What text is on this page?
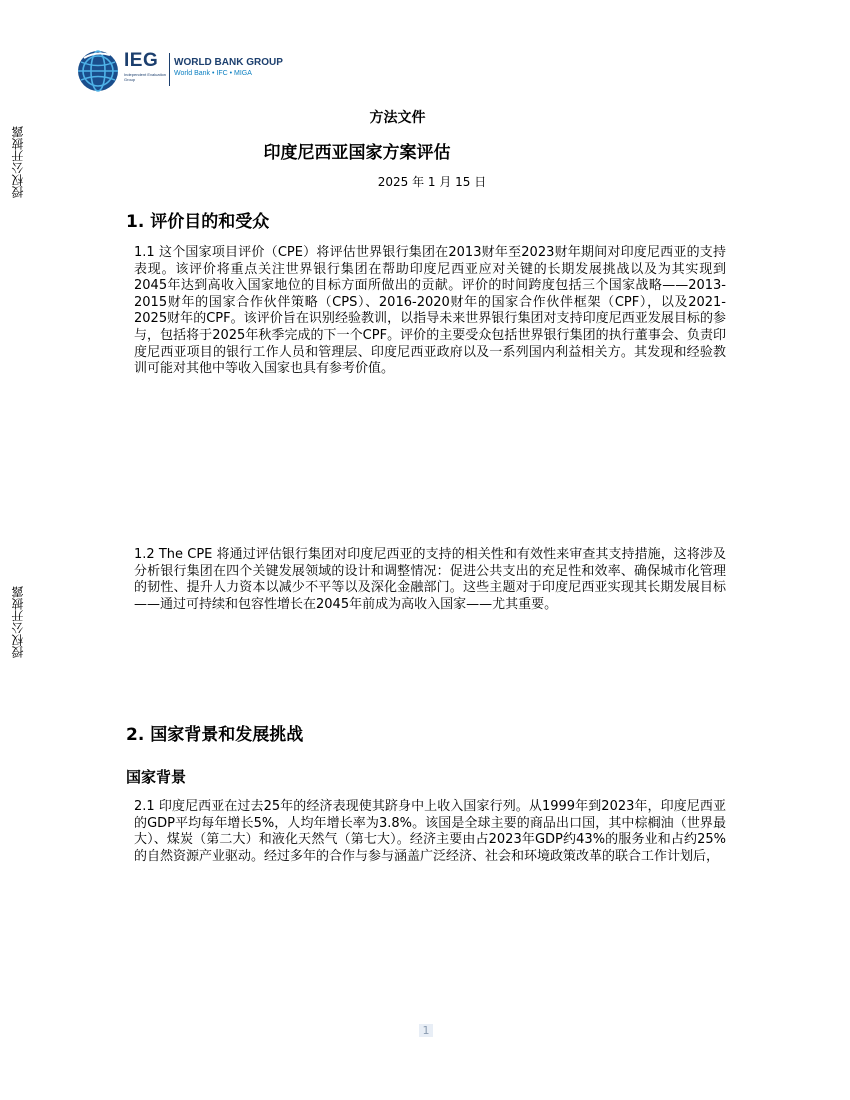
授权公开披露
授权公开披露
IEG
Independent Evaluation Group
WORLD BANK GROUP
World Bank • IFC • MIGA
方法文件
印度尼西亚国家方案评估
2025 年 1 月 15 日
1. 评价目的和受众
1.1 这个国家项目评价（CPE）将评估世界银行集团在2013财年至2023财年期间对印度尼西亚的支持表现。该评价将重点关注世界银行集团在帮助印度尼西亚应对关键的长期发展挑战以及为其实现到2045年达到高收入国家地位的目标方面所做出的贡献。评价的时间跨度包括三个国家战略——2013-2015财年的国家合作伙伴策略（CPS）、2016-2020财年的国家合作伙伴框架（CPF），以及2021-2025财年的CPF。该评价旨在识别经验教训，以指导未来世界银行集团对支持印度尼西亚发展目标的参与，包括将于2025年秋季完成的下一个CPF。评价的主要受众包括世界银行集团的执行董事会、负责印度尼西亚项目的银行工作人员和管理层、印度尼西亚政府以及一系列国内利益相关方。其发现和经验教训可能对其他中等收入国家也具有参考价值。
1.2 The CPE 将通过评估银行集团对印度尼西亚的支持的相关性和有效性来审查其支持措施，这将涉及分析银行集团在四个关键发展领域的设计和调整情况：促进公共支出的充足性和效率、确保城市化管理的韧性、提升人力资本以减少不平等以及深化金融部门。这些主题对于印度尼西亚实现其长期发展目标——通过可持续和包容性增长在2045年前成为高收入国家——尤其重要。
2. 国家背景和发展挑战
国家背景
2.1 印度尼西亚在过去25年的经济表现使其跻身中上收入国家行列。从1999年到2023年，印度尼西亚的GDP平均每年增长5%，人均年增长率为3.8%。该国是全球主要的商品出口国，其中棕榈油（世界最大）、煤炭（第二大）和液化天然气（第七大）。经济主要由占2023年GDP约43%的服务业和占约25%的自然资源产业驱动。经过多年的合作与参与涵盖广泛经济、社会和环境政策改革的联合工作计划后，
1
